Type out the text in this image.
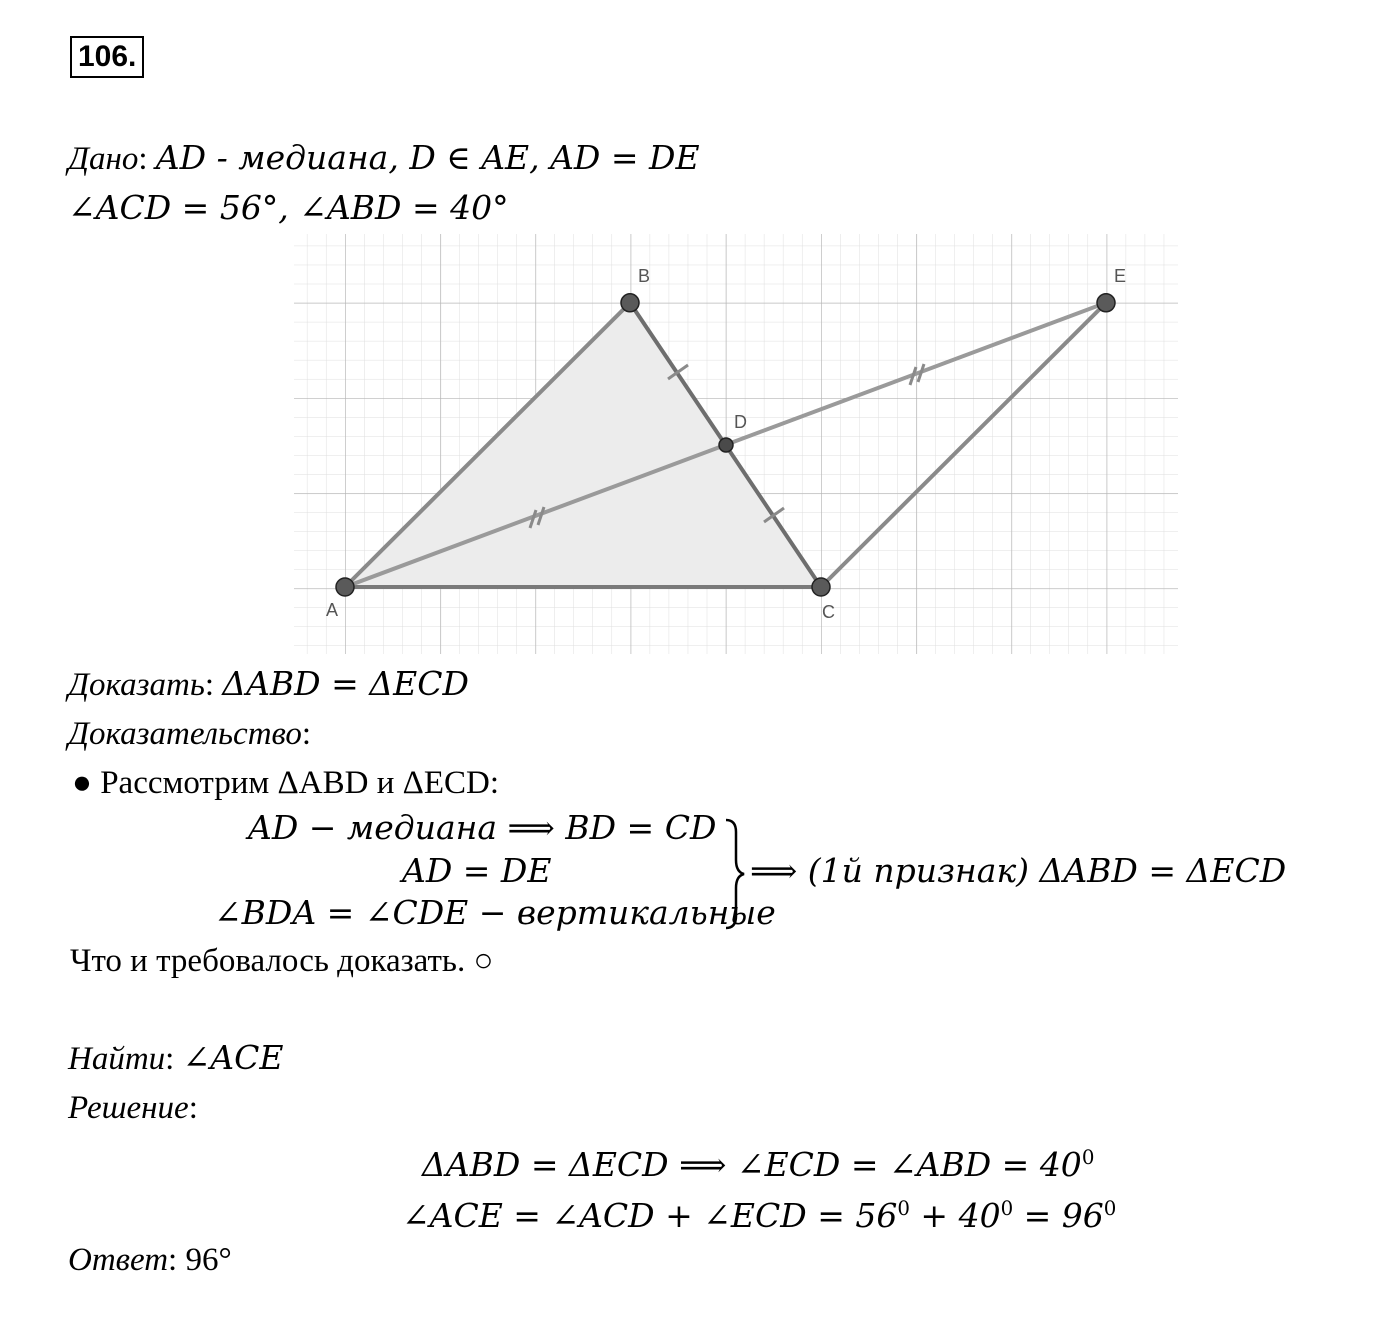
106.
Дано: AD - медиана, D ∈ AE, AD = DE
∠ACD = 56°, ∠ABD = 40°
A
B
C
D
E
Доказать: ΔABD = ΔECD
Доказательство:
● Рассмотрим ΔABD и ΔECD:
AD − медиана ⟹ BD = CD
AD = DE
∠BDA = ∠CDE − вертикальные
⟹ (1й признак) ΔABD = ΔECD
Что и требовалось доказать. ○
Найти: ∠ACE
Решение:
ΔABD = ΔECD ⟹ ∠ECD = ∠ABD = $40^0$
∠ACE = ∠ACD + ∠ECD = $56^0 + 40^0 = 96^0$
Ответ: 96°
